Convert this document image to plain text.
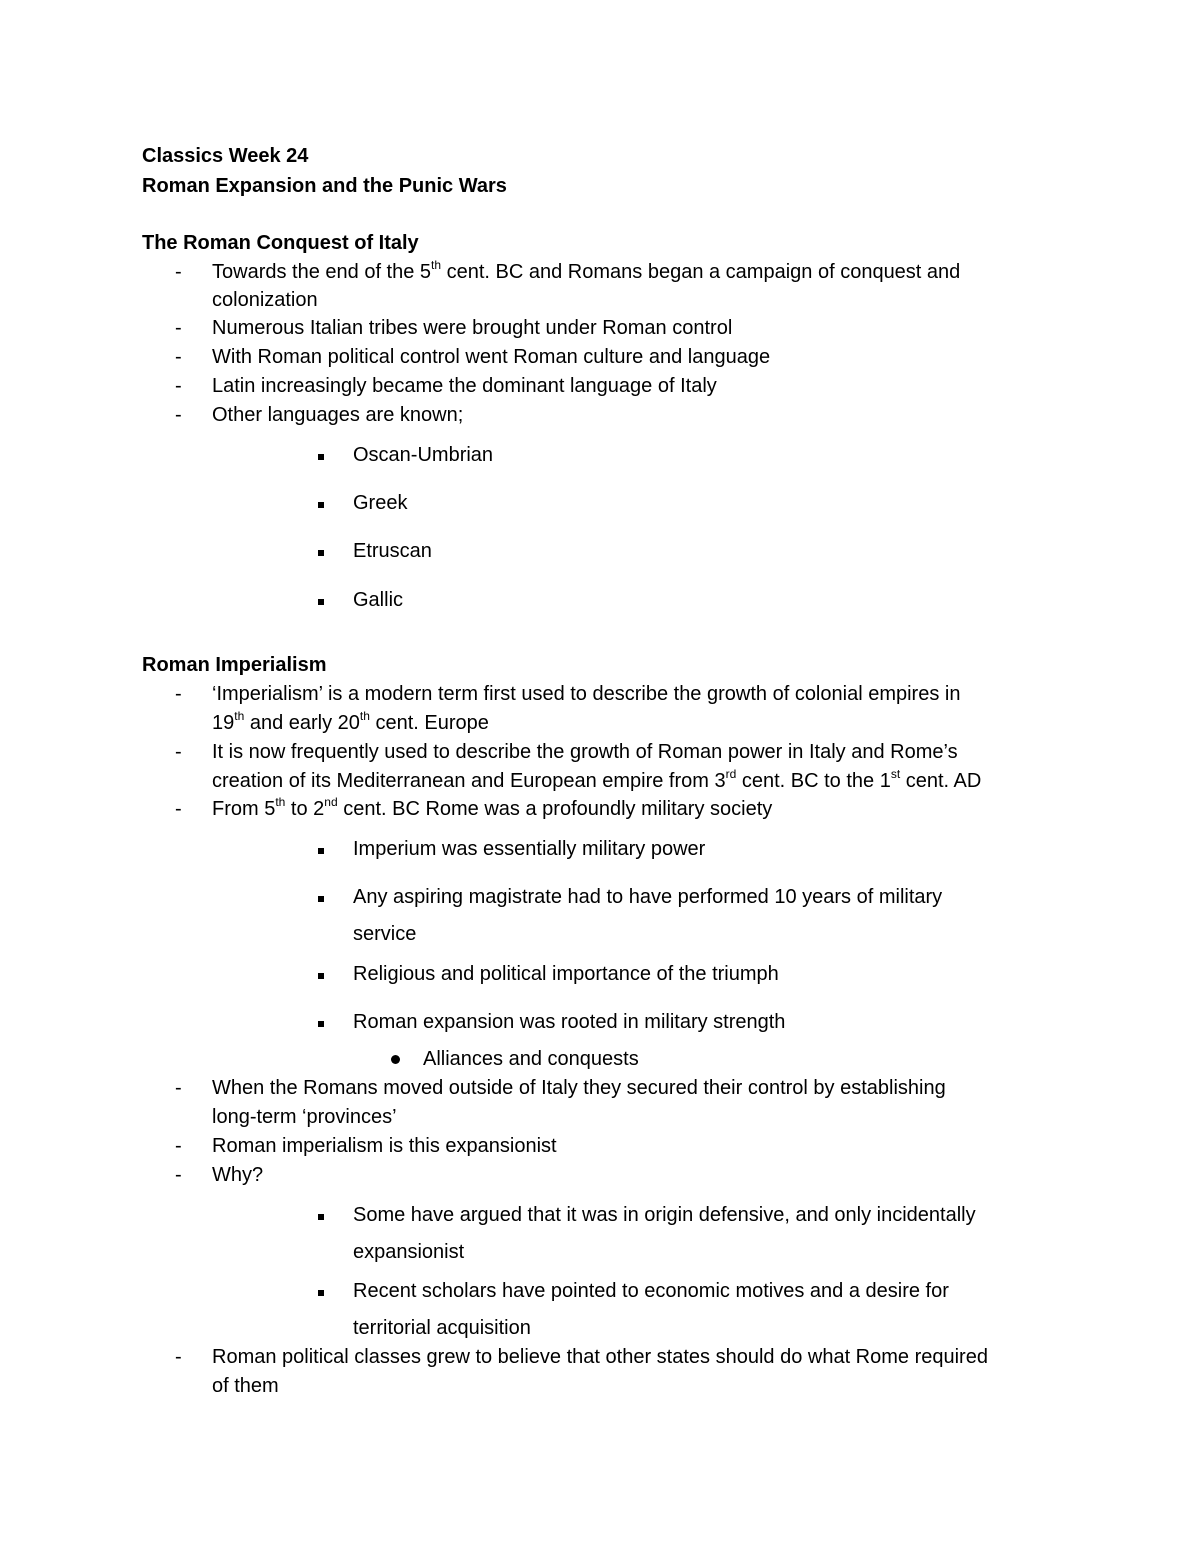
Classics Week 24
Roman Expansion and the Punic Wars
The Roman Conquest of Italy
- Towards the end of the 5th cent. BC and Romans began a campaign of conquest and
colonization
- Numerous Italian tribes were brought under Roman control
- With Roman political control went Roman culture and language
- Latin increasingly became the dominant language of Italy
- Other languages are known;
Oscan-Umbrian
Greek
Etruscan
Gallic
Roman Imperialism
- ‘Imperialism’ is a modern term first used to describe the growth of colonial empires in
19th and early 20th cent. Europe
- It is now frequently used to describe the growth of Roman power in Italy and Rome’s
creation of its Mediterranean and European empire from 3rd cent. BC to the 1st cent. AD
- From 5th to 2nd cent. BC Rome was a profoundly military society
Imperium was essentially military power
Any aspiring magistrate had to have performed 10 years of military
service
Religious and political importance of the triumph
Roman expansion was rooted in military strength
Alliances and conquests
- When the Romans moved outside of Italy they secured their control by establishing
long-term ‘provinces’
- Roman imperialism is this expansionist
- Why?
Some have argued that it was in origin defensive, and only incidentally
expansionist
Recent scholars have pointed to economic motives and a desire for
territorial acquisition
- Roman political classes grew to believe that other states should do what Rome required
of them
